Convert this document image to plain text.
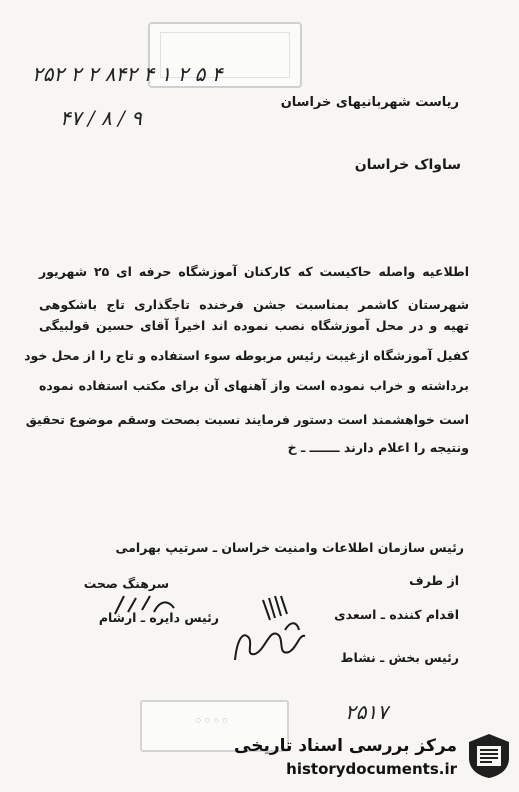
۲۵۲ ۲ ۲ ۸۴۲ ۴ ۱ ۲ ۵ ۴
۴۷ / ۸ / ۹
ریاست شهربانیهای خراسان
ساواک خراسان
اطلاعیه واصله حاکیست که کارکنان آموزشگاه حرفه ای ۲۵ شهریور
شهرستان کاشمر بمناسبت جشن فرخنده تاجگذاری تاج باشکوهی
تهیه و در محل آموزشگاه نصب نموده اند اخیراً آقای حسین قولبیگی
کفیل آموزشگاه ازغیبت رئیس مربوطه سوء استفاده و تاج را از محل خود
برداشته و خراب نموده است واز آهنهای آن برای مکتب استفاده نموده
است خواهشمند است دستور فرمایند نسبت بصحت وسقم موضوع تحقیق
ونتیجه را اعلام دارند ـــــــ ـ خ
رئیس سازمان اطلاعات وامنیت خراسان ـ سرتیپ بهرامی
از طرف
اقدام کننده ـ اسعدی
رئیس بخش ـ نشاط
سرهنگ صحت
رئیس دایره ـ ارشام
۲۵۱۷
◦◦◦◦
مرکز بررسی اسناد تاریخی
historydocuments.ir
